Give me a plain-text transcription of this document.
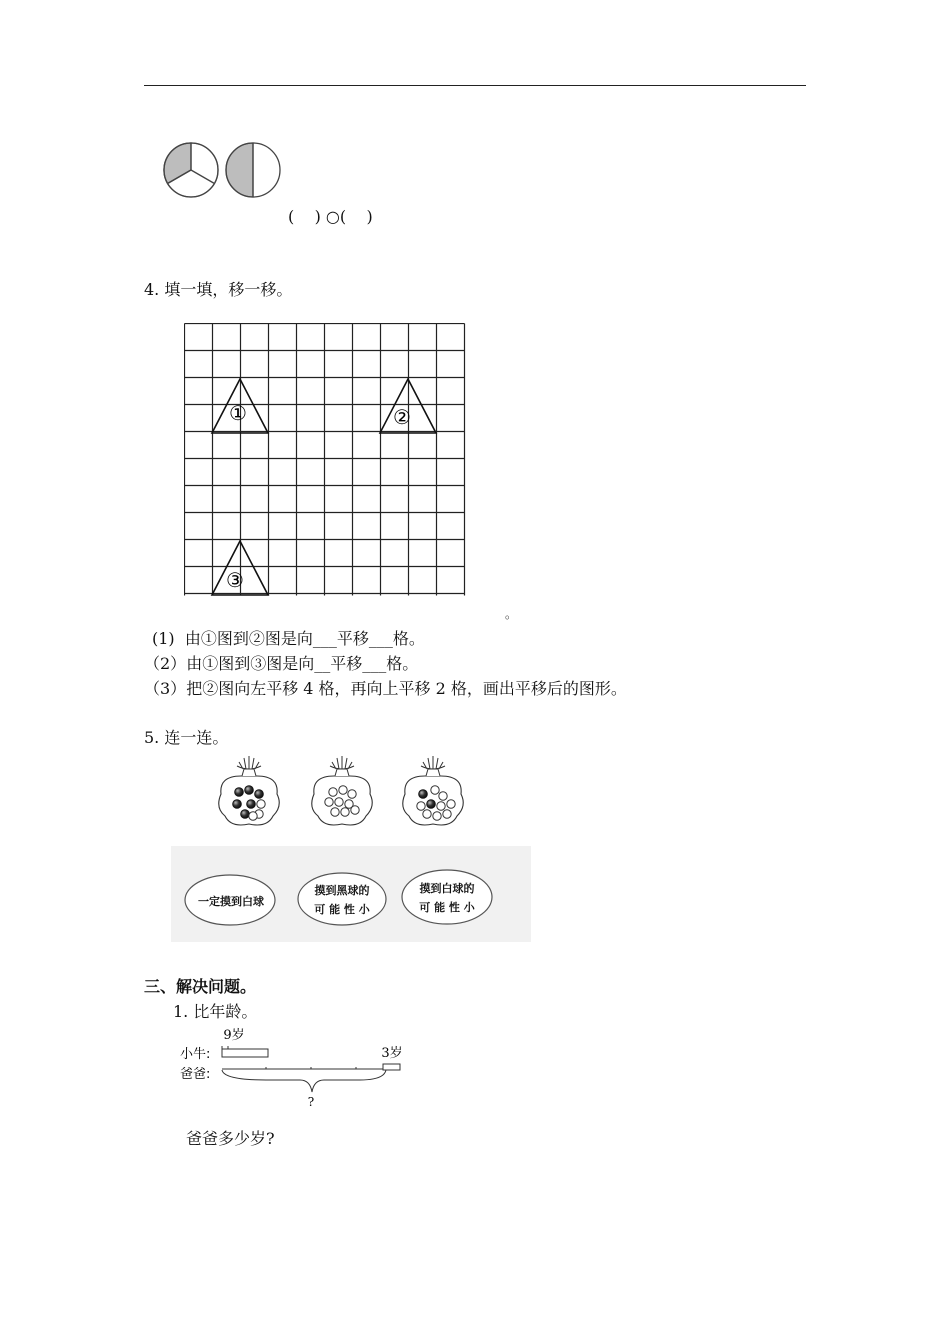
(    ) ○(    )
4. 填一填，移一移。
①	②
③
。
(1) 由①图到②图是向___平移___格。
（2）由①图到③图是向__平移___格。
（3）把②图向左平移 4 格，再向上平移 2 格，画出平移后的图形。
5. 连一连。
一定摸到白球
摸到黑球的
可 能 性 小
摸到白球的
可 能 性 小
三、解决问题。
1. 比年龄。
9岁
小牛:
爸爸:
3岁
?
爸爸多少岁?
